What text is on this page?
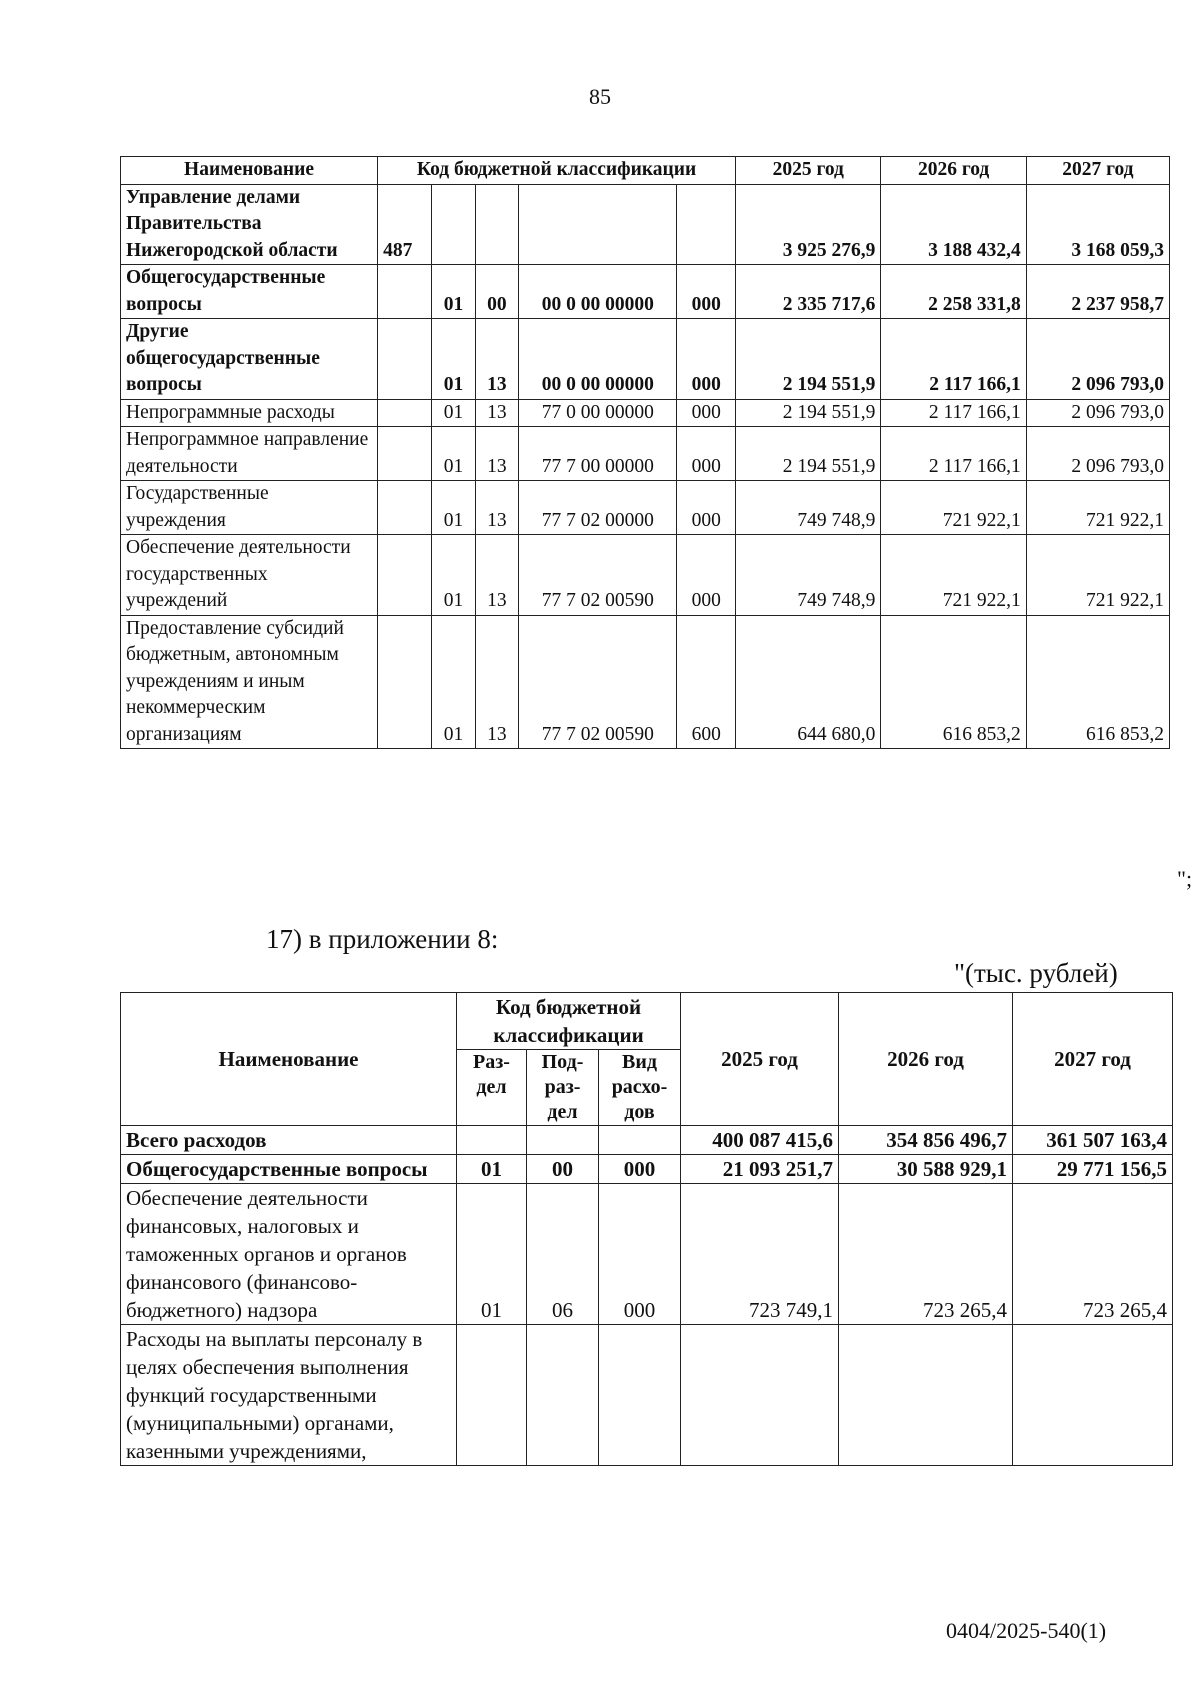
85
Наименование	Код бюджетной классификации					2025 год	2026 год	2027 год
Управление делами Правительства Нижегородской области	487					3 925 276,9	3 188 432,4	3 168 059,3
Общегосударственные вопросы		01	00	00 0 00 00000	000	2 335 717,6	2 258 331,8	2 237 958,7
Другие общегосударственные вопросы		01	13	00 0 00 00000	000	2 194 551,9	2 117 166,1	2 096 793,0
Непрограммные расходы		01	13	77 0 00 00000	000	2 194 551,9	2 117 166,1	2 096 793,0
Непрограммное направление деятельности		01	13	77 7 00 00000	000	2 194 551,9	2 117 166,1	2 096 793,0
Государственные учреждения		01	13	77 7 02 00000	000	749 748,9	721 922,1	721 922,1
Обеспечение деятельности государственных учреждений		01	13	77 7 02 00590	000	749 748,9	721 922,1	721 922,1
Предоставление субсидий бюджетным, автономным учреждениям и иным некоммерческим организациям		01	13	77 7 02 00590	600	644 680,0	616 853,2	616 853,2
";
17) в приложении 8:
"(тыс. рублей)
Наименование	Код бюджетной классификации			2025 год	2026 год	2027 год
	Раз-дел	Под-раз-дел	Вид расхо-дов			
Всего расходов				400 087 415,6	354 856 496,7	361 507 163,4
Общегосударственные вопросы	01	00	000	21 093 251,7	30 588 929,1	29 771 156,5
Обеспечение деятельности финансовых, налоговых и таможенных органов и органов финансового (финансово-бюджетного) надзора	01	06	000	723 749,1	723 265,4	723 265,4
Расходы на выплаты персоналу в целях обеспечения выполнения функций государственными (муниципальными) органами, казенными учреждениями,						
0404/2025-540(1)
